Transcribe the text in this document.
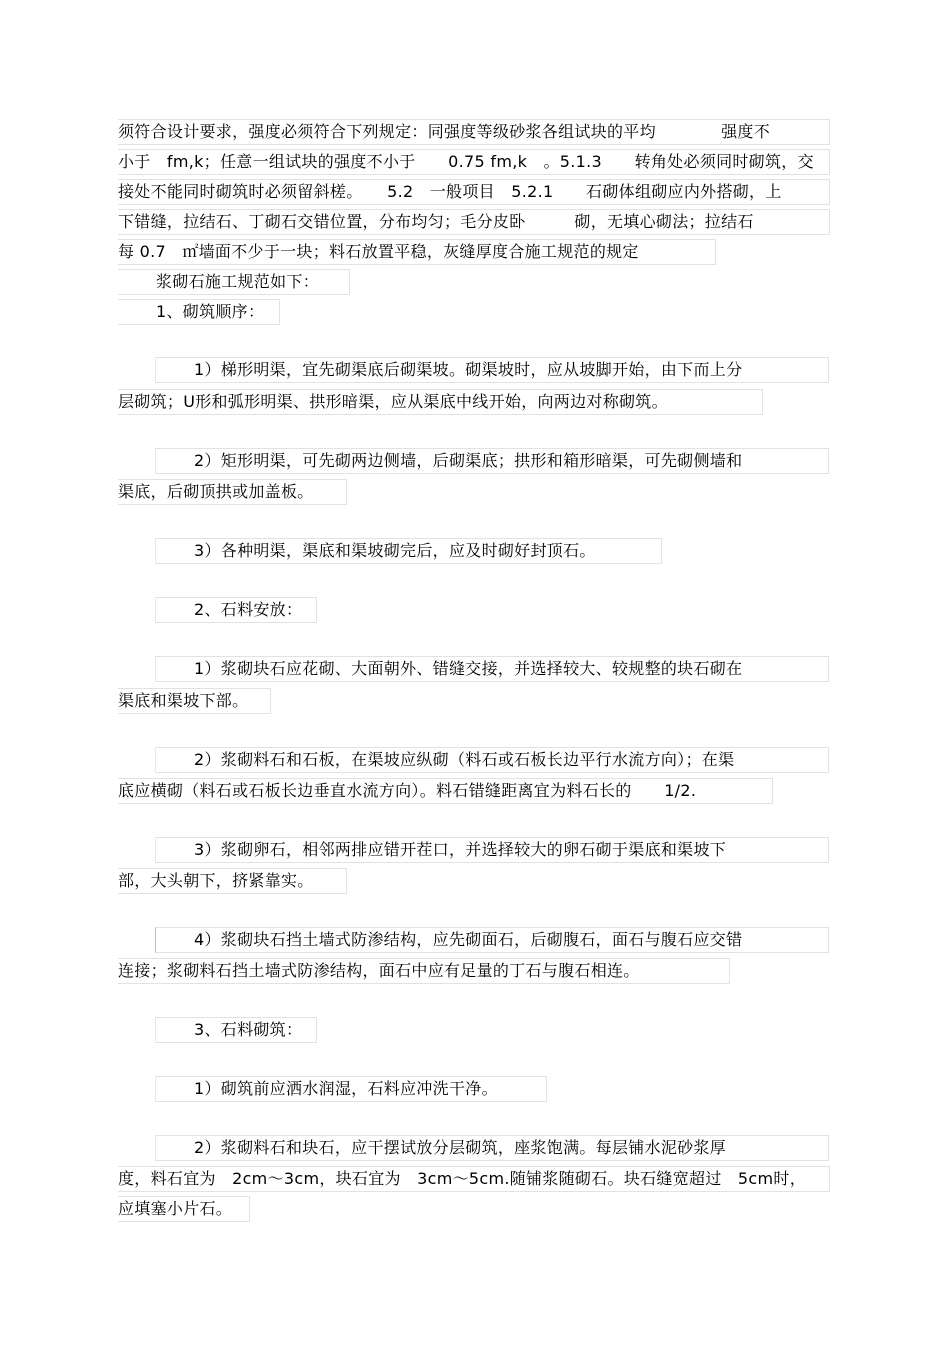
须符合设计要求，强度必须符合下列规定：同强度等级砂浆各组试块的平均　　　　强度不
小于　fm,k；任意一组试块的强度不小于　　0.75 fm,k　。5.1.3　　转角处必须同时砌筑，交
接处不能同时砌筑时必须留斜槎。　　5.2　一般项目　5.2.1　　石砌体组砌应内外搭砌，上
下错缝，拉结石、丁砌石交错位置，分布均匀；毛分皮卧　　　砌，无填心砌法；拉结石
每 0.7　㎡墙面不少于一块；料石放置平稳，灰缝厚度合施工规范的规定
浆砌石施工规范如下：
1、砌筑顺序：
1）梯形明渠，宜先砌渠底后砌渠坡。砌渠坡时，应从坡脚开始，由下而上分
层砌筑；U形和弧形明渠、拱形暗渠，应从渠底中线开始，向两边对称砌筑。
2）矩形明渠，可先砌两边侧墙，后砌渠底；拱形和箱形暗渠，可先砌侧墙和
渠底，后砌顶拱或加盖板。
3）各种明渠，渠底和渠坡砌完后，应及时砌好封顶石。
2、石料安放：
1）浆砌块石应花砌、大面朝外、错缝交接，并选择较大、较规整的块石砌在
渠底和渠坡下部。
2）浆砌料石和石板，在渠坡应纵砌（料石或石板长边平行水流方向）；在渠
底应横砌（料石或石板长边垂直水流方向）。料石错缝距离宜为料石长的　　1/2.
3）浆砌卵石，相邻两排应错开茬口，并选择较大的卵石砌于渠底和渠坡下
部，大头朝下，挤紧靠实。
4）浆砌块石挡土墙式防渗结构，应先砌面石，后砌腹石，面石与腹石应交错
连接；浆砌料石挡土墙式防渗结构，面石中应有足量的丁石与腹石相连。
3、石料砌筑：
1）砌筑前应洒水润湿，石料应冲洗干净。
2）浆砌料石和块石，应干摆试放分层砌筑，座浆饱满。每层铺水泥砂浆厚
度，料石宜为　2cm～3cm，块石宜为　3cm～5cm.随铺浆随砌石。块石缝宽超过　5cm时，
应填塞小片石。
